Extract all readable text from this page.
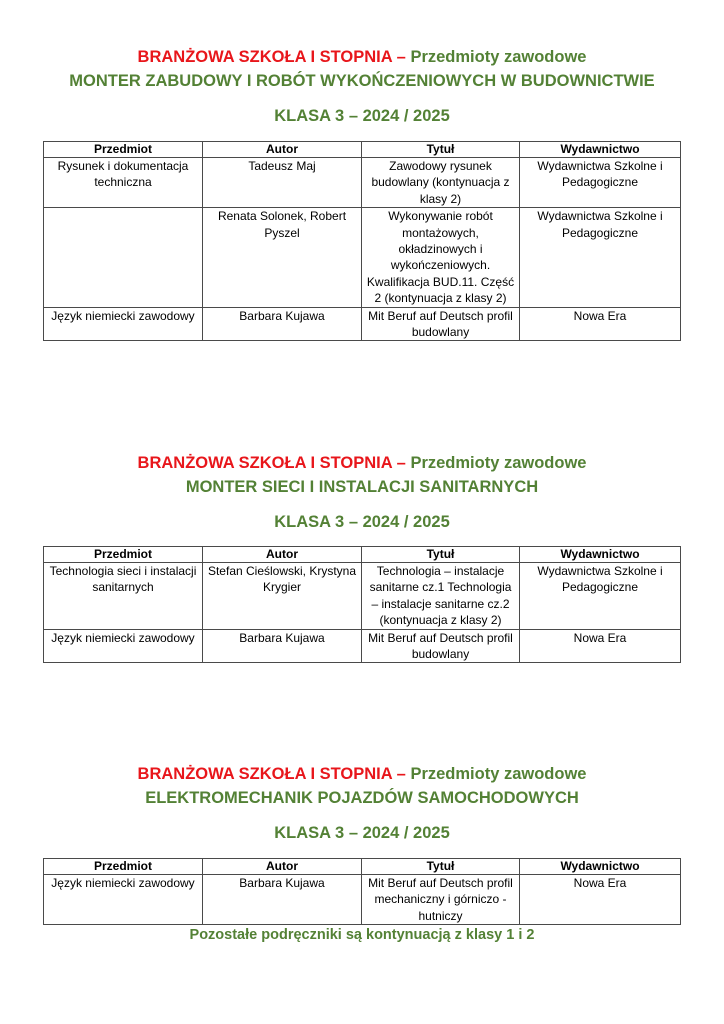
BRANŻOWA SZKOŁA I STOPNIA – Przedmioty zawodowe
MONTER ZABUDOWY I ROBÓT WYKOŃCZENIOWYCH W BUDOWNICTWIE
KLASA 3 – 2024 / 2025
Przedmiot	Autor	Tytuł	Wydawnictwo
Rysunek i dokumentacja techniczna	Tadeusz Maj	Zawodowy rysunek budowlany (kontynuacja z klasy 2)	Wydawnictwa Szkolne i Pedagogiczne
	Renata Solonek, Robert Pyszel	Wykonywanie robót montażowych, okładzinowych i wykończeniowych. Kwalifikacja BUD.11. Część 2 (kontynuacja z klasy 2)	Wydawnictwa Szkolne i Pedagogiczne
Język niemiecki zawodowy	Barbara Kujawa	Mit Beruf auf Deutsch profil budowlany	Nowa Era
BRANŻOWA SZKOŁA I STOPNIA – Przedmioty zawodowe
MONTER SIECI I INSTALACJI SANITARNYCH
KLASA 3 – 2024 / 2025
Przedmiot	Autor	Tytuł	Wydawnictwo
Technologia sieci i instalacji sanitarnych	Stefan Cieślowski, Krystyna Krygier	Technologia – instalacje sanitarne cz.1 Technologia – instalacje sanitarne cz.2 (kontynuacja z klasy 2)	Wydawnictwa Szkolne i Pedagogiczne
Język niemiecki zawodowy	Barbara Kujawa	Mit Beruf auf Deutsch profil budowlany	Nowa Era
BRANŻOWA SZKOŁA I STOPNIA – Przedmioty zawodowe
ELEKTROMECHANIK POJAZDÓW SAMOCHODOWYCH
KLASA 3 – 2024 / 2025
Przedmiot	Autor	Tytuł	Wydawnictwo
Język niemiecki zawodowy	Barbara Kujawa	Mit Beruf auf Deutsch profil mechaniczny i górniczo - hutniczy	Nowa Era
Pozostałe podręczniki są kontynuacją z klasy 1 i 2
